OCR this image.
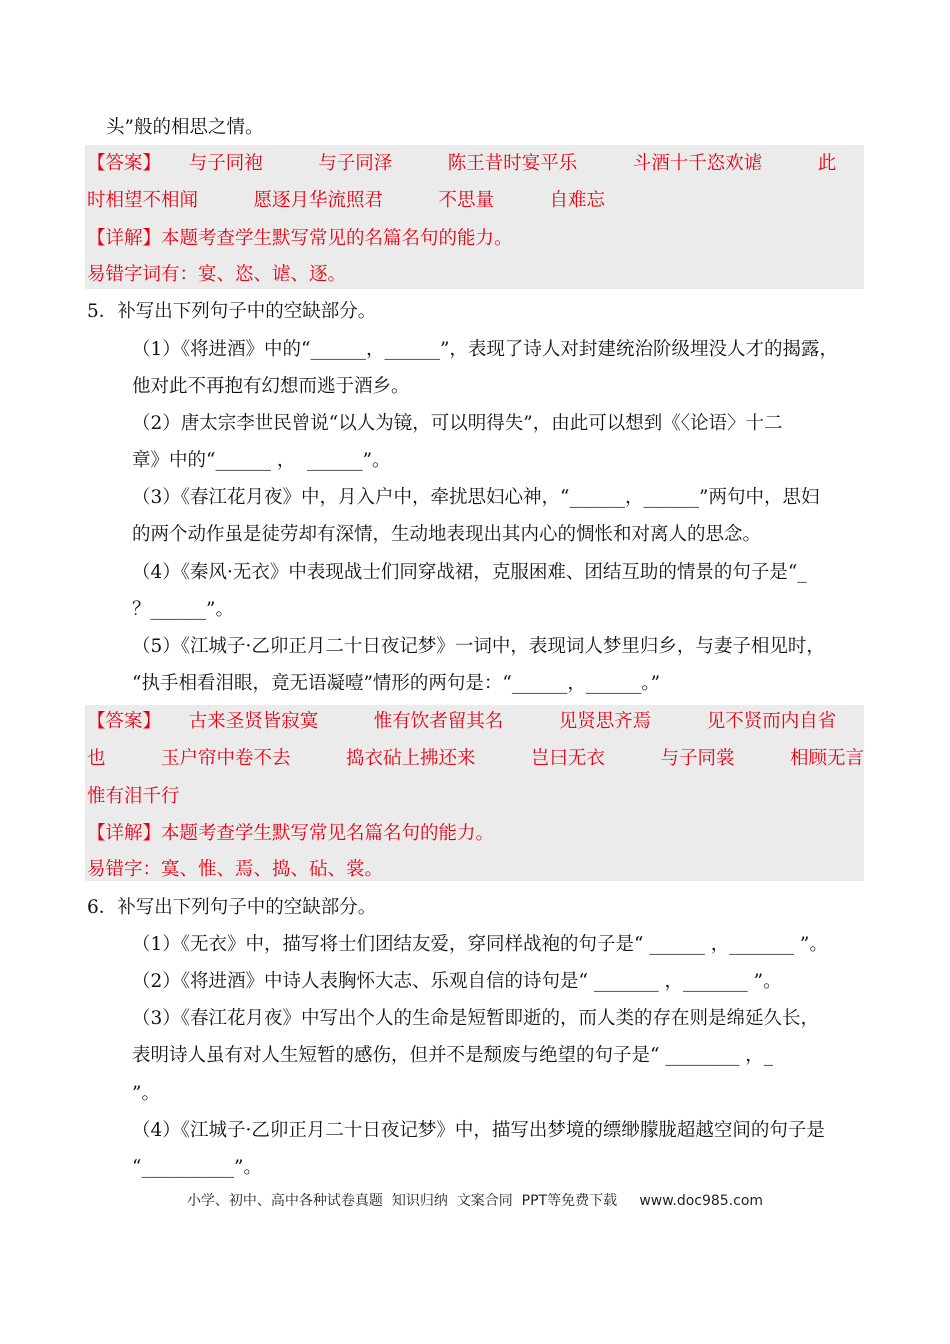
头”般的相思之情。
【答案】　　与子同袍　　　与子同泽　　　陈王昔时宴平乐　　　斗酒十千恣欢谑　　　此
时相望不相闻　　　愿逐月华流照君　　　不思量　　　自难忘
【详解】本题考查学生默写常见的名篇名句的能力。
易错字词有：宴、恣、谑、逐。
5．补写出下列句子中的空缺部分。
（1）《将进酒》中的“______，______”，表现了诗人对封建统治阶级埋没人才的揭露，
他对此不再抱有幻想而逃于酒乡。
（2）唐太宗李世民曾说“以人为镜，可以明得失”，由此可以想到《〈论语〉十二
章》中的“______ ，  ______”。
（3）《春江花月夜》中，月入户中，牵扰思妇心神，“______，______”两句中，思妇
的两个动作虽是徒劳却有深情，生动地表现出其内心的惆怅和对离人的思念。
（4）《秦风·无衣》中表现战士们同穿战裙，克服困难、团结互助的情景的句子是“_
？______”。
（5）《江城子·乙卯正月二十日夜记梦》一词中，表现词人梦里归乡，与妻子相见时，
“执手相看泪眼，竟无语凝噎”情形的两句是：“______，______。”
【答案】　　古来圣贤皆寂寞　　　惟有饮者留其名　　　见贤思齐焉　　　见不贤而内自省
也　　　玉户帘中卷不去　　　捣衣砧上拂还来　　　岂曰无衣　　　与子同裳　　　相顾无言
惟有泪千行
【详解】本题考查学生默写常见名篇名句的能力。
易错字：寞、惟、焉、捣、砧、裳。
6．补写出下列句子中的空缺部分。
（1）《无衣》中，描写将士们团结友爱，穿同样战袍的句子是“ ______ ，_______ ”。
（2）《将进酒》中诗人表胸怀大志、乐观自信的诗句是“ _______ ，_______ ”。
（3）《春江花月夜》中写出个人的生命是短暂即逝的，而人类的存在则是绵延久长，
表明诗人虽有对人生短暂的感伤，但并不是颓废与绝望的句子是“ ________ ，_
”。
（4）《江城子·乙卯正月二十日夜记梦》中，描写出梦境的缥缈朦胧超越空间的句子是
“__________”。
小学、初中、高中各种试卷真题  知识归纳  文案合同  PPT等免费下载     www.doc985.com
